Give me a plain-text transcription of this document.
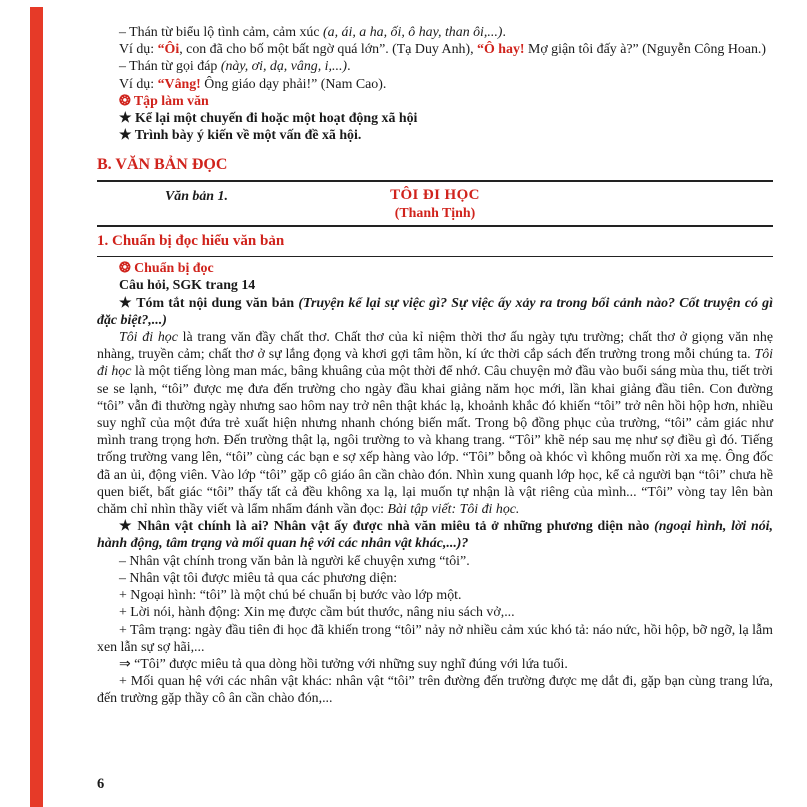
– Thán từ biểu lộ tình cảm, cảm xúc (a, ái, a ha, ối, ô hay, than ôi,...).

Ví dụ: “Ôi, con đã cho bố một bất ngờ quá lớn”. (Tạ Duy Anh), “Ô hay! Mợ giận tôi đấy à?” (Nguyễn Công Hoan.)

– Thán từ gọi đáp (này, ơi, dạ, vâng, i,...).

Ví dụ: “Vâng! Ông giáo dạy phải!” (Nam Cao).

❂ Tập làm văn

★ Kể lại một chuyến đi hoặc một hoạt động xã hội

★ Trình bày ý kiến về một vấn đề xã hội.

B. VĂN BẢN ĐỌC

Văn bản 1.	TÔI ĐI HỌC
(Thanh Tịnh)
1. Chuẩn bị đọc hiểu văn bản

❂ Chuẩn bị đọc

Câu hỏi, SGK trang 14

★ Tóm tắt nội dung văn bản (Truyện kể lại sự việc gì? Sự việc ấy xảy ra trong bối cảnh nào? Cốt truyện có gì đặc biệt?,...)

Tôi đi học là trang văn đầy chất thơ. Chất thơ của kỉ niệm thời thơ ấu ngày tựu trường; chất thơ ở giọng văn nhẹ nhàng, truyền cảm; chất thơ ở sự lắng đọng và khơi gợi tâm hồn, kí ức thời cắp sách đến trường trong mỗi chúng ta. Tôi đi học là một tiếng lòng man mác, bâng khuâng của một thời để nhớ. Câu chuyện mở đầu vào buổi sáng mùa thu, tiết trời se se lạnh, “tôi” được mẹ đưa đến trường cho ngày đầu khai giảng năm học mới, lần khai giảng đầu tiên. Con đường “tôi” vẫn đi thường ngày nhưng sao hôm nay trở nên thật khác lạ, khoảnh khắc đó khiến “tôi” trở nên hồi hộp hơn, nhiều suy nghĩ của một đứa trẻ xuất hiện nhưng nhanh chóng biến mất. Trong bộ đồng phục của trường, “tôi” cảm giác như mình trang trọng hơn. Đến trường thật lạ, ngôi trường to và khang trang. “Tôi” khẽ nép sau mẹ như sợ điều gì đó. Tiếng trống trường vang lên, “tôi” cùng các bạn e sợ xếp hàng vào lớp. “Tôi” bỗng oà khóc vì không muốn rời xa mẹ. Ông đốc đã an ủi, động viên. Vào lớp “tôi” gặp cô giáo ân cần chào đón. Nhìn xung quanh lớp học, kể cả người bạn “tôi” chưa hề quen biết, bất giác “tôi” thấy tất cả đều không xa lạ, lại muốn tự nhận là vật riêng của mình... “Tôi” vòng tay lên bàn chăm chỉ nhìn thầy viết và lẩm nhẩm đánh vần đọc: Bài tập viết: Tôi đi học.

★ Nhân vật chính là ai? Nhân vật ấy được nhà văn miêu tả ở những phương diện nào (ngoại hình, lời nói, hành động, tâm trạng và mối quan hệ với các nhân vật khác,...)?

– Nhân vật chính trong văn bản là người kể chuyện xưng “tôi”.

– Nhân vật tôi được miêu tả qua các phương diện:

+ Ngoại hình: “tôi” là một chú bé chuẩn bị bước vào lớp một.

+ Lời nói, hành động: Xin mẹ được cầm bút thước, nâng niu sách vở,...

+ Tâm trạng: ngày đầu tiên đi học đã khiến trong “tôi” nảy nở nhiều cảm xúc khó tả: náo nức, hồi hộp, bỡ ngỡ, lạ lẫm xen lẫn sự sợ hãi,...

⇒ “Tôi” được miêu tả qua dòng hồi tưởng với những suy nghĩ đúng với lứa tuổi.

+ Mối quan hệ với các nhân vật khác: nhân vật “tôi” trên đường đến trường được mẹ dắt đi, gặp bạn cùng trang lứa, đến trường gặp thầy cô ân cần chào đón,...

6
